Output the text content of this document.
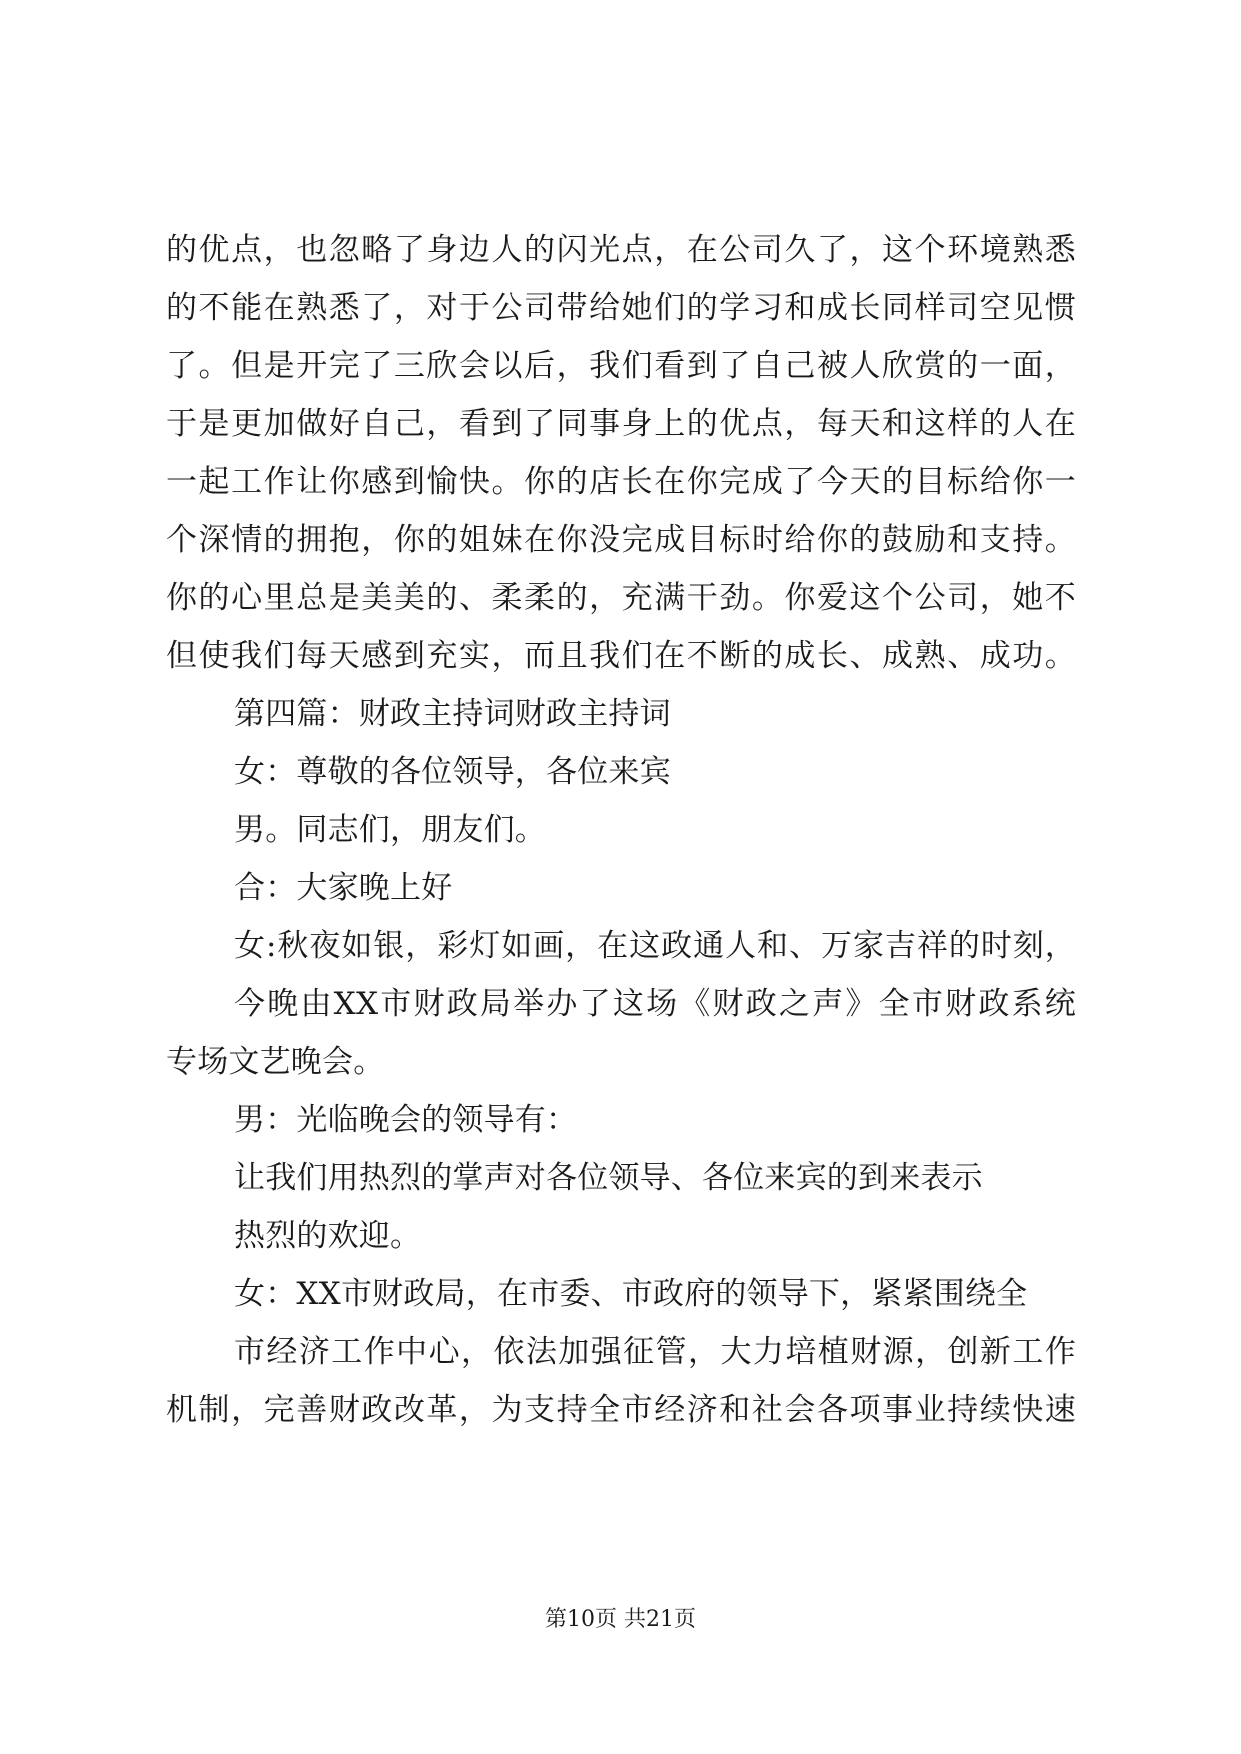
的优点，也忽略了身边人的闪光点，在公司久了，这个环境熟悉
的不能在熟悉了，对于公司带给她们的学习和成长同样司空见惯
了。但是开完了三欣会以后，我们看到了自己被人欣赏的一面，
于是更加做好自己，看到了同事身上的优点，每天和这样的人在
一起工作让你感到愉快。你的店长在你完成了今天的目标给你一
个深情的拥抱，你的姐妹在你没完成目标时给你的鼓励和支持。
你的心里总是美美的、柔柔的，充满干劲。你爱这个公司，她不
但使我们每天感到充实，而且我们在不断的成长、成熟、成功。
第四篇：财政主持词财政主持词
女：尊敬的各位领导，各位来宾
男。同志们，朋友们。
合：大家晚上好
女:秋夜如银，彩灯如画，在这政通人和、万家吉祥的时刻，
今晚由XX市财政局举办了这场《财政之声》全市财政系统
专场文艺晚会。
男：光临晚会的领导有：
让我们用热烈的掌声对各位领导、各位来宾的到来表示
热烈的欢迎。
女：XX市财政局，在市委、市政府的领导下，紧紧围绕全
市经济工作中心，依法加强征管，大力培植财源，创新工作
机制，完善财政改革，为支持全市经济和社会各项事业持续快速
第10页 共21页
